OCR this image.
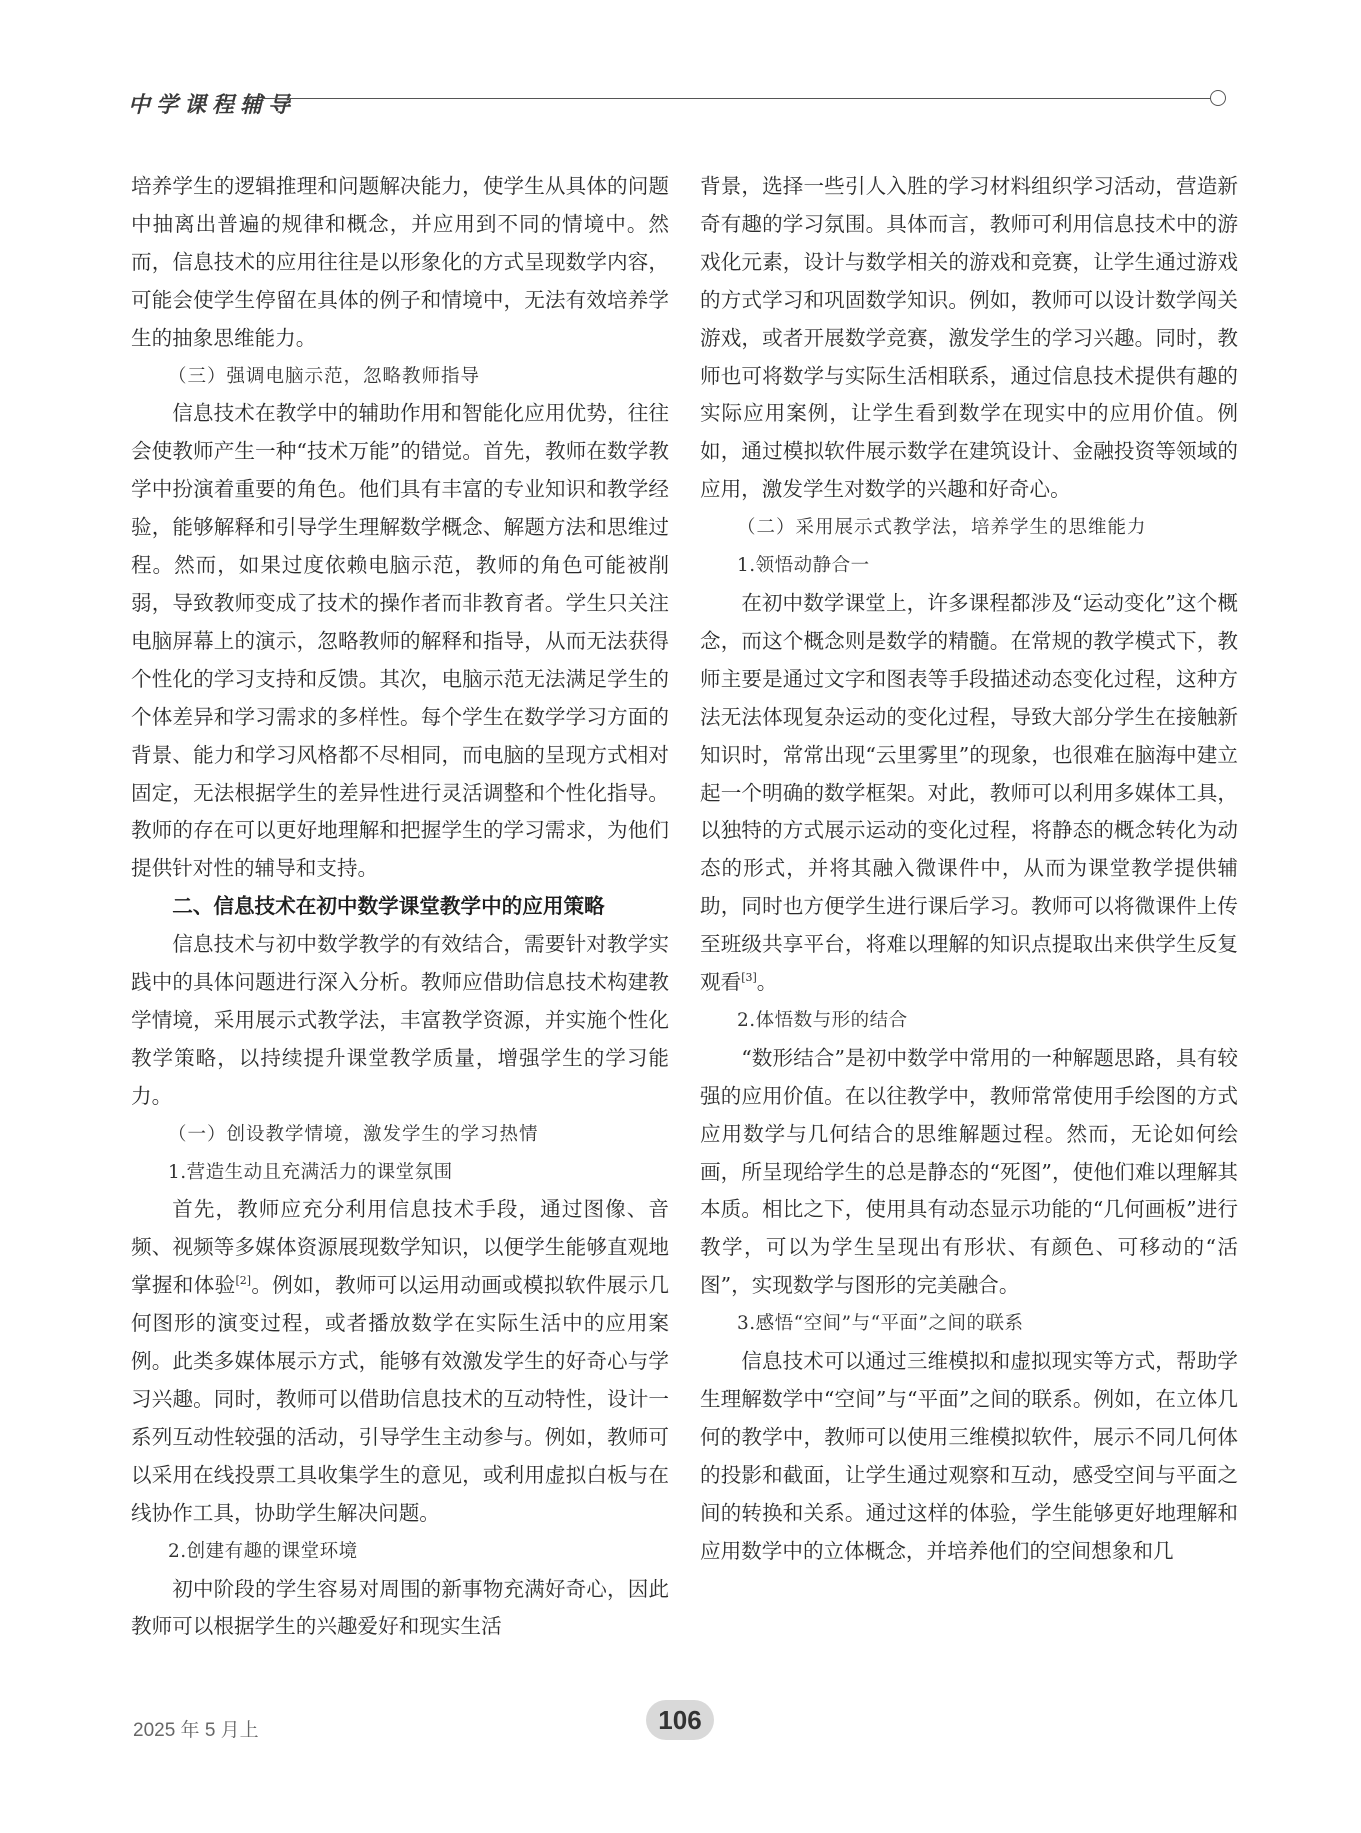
中学课程辅导

培养学生的逻辑推理和问题解决能力，使学生从具体的问题中抽离出普遍的规律和概念，并应用到不同的情境中。然而，信息技术的应用往往是以形象化的方式呈现数学内容，可能会使学生停留在具体的例子和情境中，无法有效培养学生的抽象思维能力。

（三）强调电脑示范，忽略教师指导

信息技术在教学中的辅助作用和智能化应用优势，往往会使教师产生一种“技术万能”的错觉。首先，教师在数学教学中扮演着重要的角色。他们具有丰富的专业知识和教学经验，能够解释和引导学生理解数学概念、解题方法和思维过程。然而，如果过度依赖电脑示范，教师的角色可能被削弱，导致教师变成了技术的操作者而非教育者。学生只关注电脑屏幕上的演示，忽略教师的解释和指导，从而无法获得个性化的学习支持和反馈。其次，电脑示范无法满足学生的个体差异和学习需求的多样性。每个学生在数学学习方面的背景、能力和学习风格都不尽相同，而电脑的呈现方式相对固定，无法根据学生的差异性进行灵活调整和个性化指导。教师的存在可以更好地理解和把握学生的学习需求，为他们提供针对性的辅导和支持。

二、信息技术在初中数学课堂教学中的应用策略

信息技术与初中数学教学的有效结合，需要针对教学实践中的具体问题进行深入分析。教师应借助信息技术构建教学情境，采用展示式教学法，丰富教学资源，并实施个性化教学策略，以持续提升课堂教学质量，增强学生的学习能力。

（一）创设教学情境，激发学生的学习热情

1.营造生动且充满活力的课堂氛围

首先，教师应充分利用信息技术手段，通过图像、音频、视频等多媒体资源展现数学知识，以便学生能够直观地掌握和体验[2]。例如，教师可以运用动画或模拟软件展示几何图形的演变过程，或者播放数学在实际生活中的应用案例。此类多媒体展示方式，能够有效激发学生的好奇心与学习兴趣。同时，教师可以借助信息技术的互动特性，设计一系列互动性较强的活动，引导学生主动参与。例如，教师可以采用在线投票工具收集学生的意见，或利用虚拟白板与在线协作工具，协助学生解决问题。

2.创建有趣的课堂环境

初中阶段的学生容易对周围的新事物充满好奇心，因此教师可以根据学生的兴趣爱好和现实生活

背景，选择一些引人入胜的学习材料组织学习活动，营造新奇有趣的学习氛围。具体而言，教师可利用信息技术中的游戏化元素，设计与数学相关的游戏和竞赛，让学生通过游戏的方式学习和巩固数学知识。例如，教师可以设计数学闯关游戏，或者开展数学竞赛，激发学生的学习兴趣。同时，教师也可将数学与实际生活相联系，通过信息技术提供有趣的实际应用案例，让学生看到数学在现实中的应用价值。例如，通过模拟软件展示数学在建筑设计、金融投资等领域的应用，激发学生对数学的兴趣和好奇心。

（二）采用展示式教学法，培养学生的思维能力

1.领悟动静合一

在初中数学课堂上，许多课程都涉及“运动变化”这个概念，而这个概念则是数学的精髓。在常规的教学模式下，教师主要是通过文字和图表等手段描述动态变化过程，这种方法无法体现复杂运动的变化过程，导致大部分学生在接触新知识时，常常出现“云里雾里”的现象，也很难在脑海中建立起一个明确的数学框架。对此，教师可以利用多媒体工具，以独特的方式展示运动的变化过程，将静态的概念转化为动态的形式，并将其融入微课件中，从而为课堂教学提供辅助，同时也方便学生进行课后学习。教师可以将微课件上传至班级共享平台，将难以理解的知识点提取出来供学生反复观看[3]。

2.体悟数与形的结合

“数形结合”是初中数学中常用的一种解题思路，具有较强的应用价值。在以往教学中，教师常常使用手绘图的方式应用数学与几何结合的思维解题过程。然而，无论如何绘画，所呈现给学生的总是静态的“死图”，使他们难以理解其本质。相比之下，使用具有动态显示功能的“几何画板”进行教学，可以为学生呈现出有形状、有颜色、可移动的“活图”，实现数学与图形的完美融合。

3.感悟“空间”与“平面”之间的联系

信息技术可以通过三维模拟和虚拟现实等方式，帮助学生理解数学中“空间”与“平面”之间的联系。例如，在立体几何的教学中，教师可以使用三维模拟软件，展示不同几何体的投影和截面，让学生通过观察和互动，感受空间与平面之间的转换和关系。通过这样的体验，学生能够更好地理解和应用数学中的立体概念，并培养他们的空间想象和几

2025 年 5 月上	106
